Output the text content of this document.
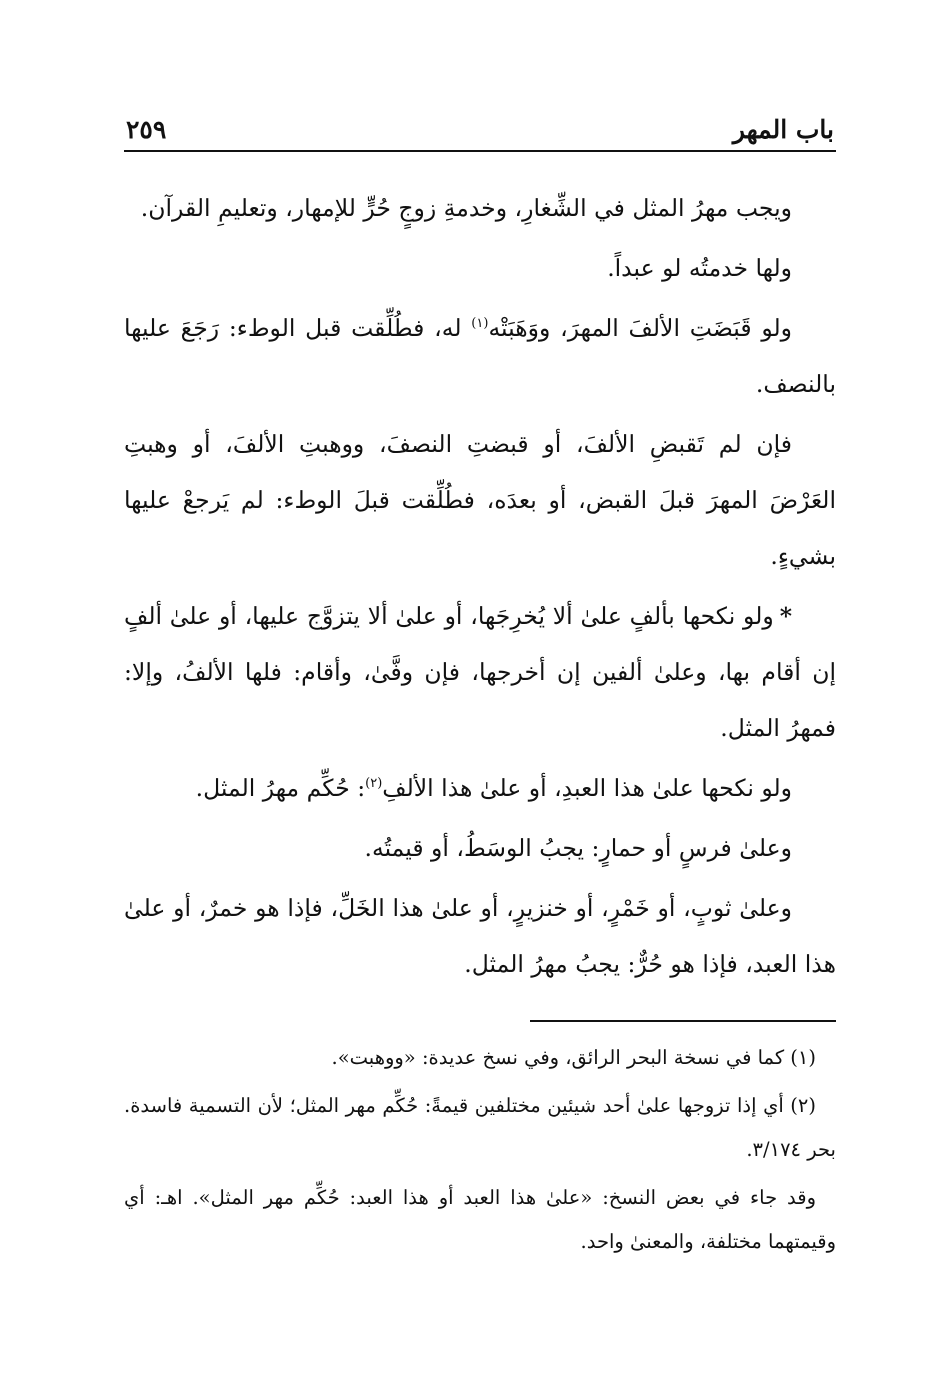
باب المهر
٢٥٩

ويجب مهرُ المثل في الشِّغارِ، وخدمةِ زوجٍ حُرٍّ للإمهار، وتعليمِ القرآن.

ولها خدمتُه لو عبداً.

ولو قَبَضَتِ الألفَ المهرَ، ووَهَبَتْه$^{(١)}$ له، فطُلِّقت قبل الوطء: رَجَعَ عليها بالنصف.

فإن لم تَقبضِ الألفَ، أو قبضتِ النصفَ، ووهبتِ الألفَ، أو وهبتِ العَرْضَ المهرَ قبلَ القبض، أو بعدَه، فطُلِّقت قبلَ الوطء: لم يَرجعْ عليها بشيءٍ.

*ولو نكحها بألفٍ علىٰ ألا يُخرِجَها، أو علىٰ ألا يتزوَّج عليها، أو علىٰ ألفٍ إن أقام بها، وعلىٰ ألفين إن أخرجها، فإن وفَّىٰ، وأقام: فلها الألفُ، وإلا: فمهرُ المثل.

ولو نكحها علىٰ هذا العبدِ، أو علىٰ هذا الألفِ$^{(٢)}$: حُكِّم مهرُ المثل.

وعلىٰ فرسٍ أو حمارٍ: يجبُ الوسَطُ، أو قيمتُه.

وعلىٰ ثوبٍ، أو خَمْرٍ، أو خنزيرٍ، أو علىٰ هذا الخَلِّ، فإذا هو خمرٌ، أو علىٰ هذا العبد، فإذا هو حُرٌّ: يجبُ مهرُ المثل.

(١) كما في نسخة البحر الرائق، وفي نسخ عديدة: «ووهبت».

(٢) أي إذا تزوجها علىٰ أحد شيئين مختلفين قيمةً: حُكِّم مهر المثل؛ لأن التسمية فاسدة. بحر ٣/١٧٤.

وقد جاء في بعض النسخ: «علىٰ هذا العبد أو هذا العبد: حُكِّم مهر المثل». اهـ: أي وقيمتهما مختلفة، والمعنىٰ واحد.
